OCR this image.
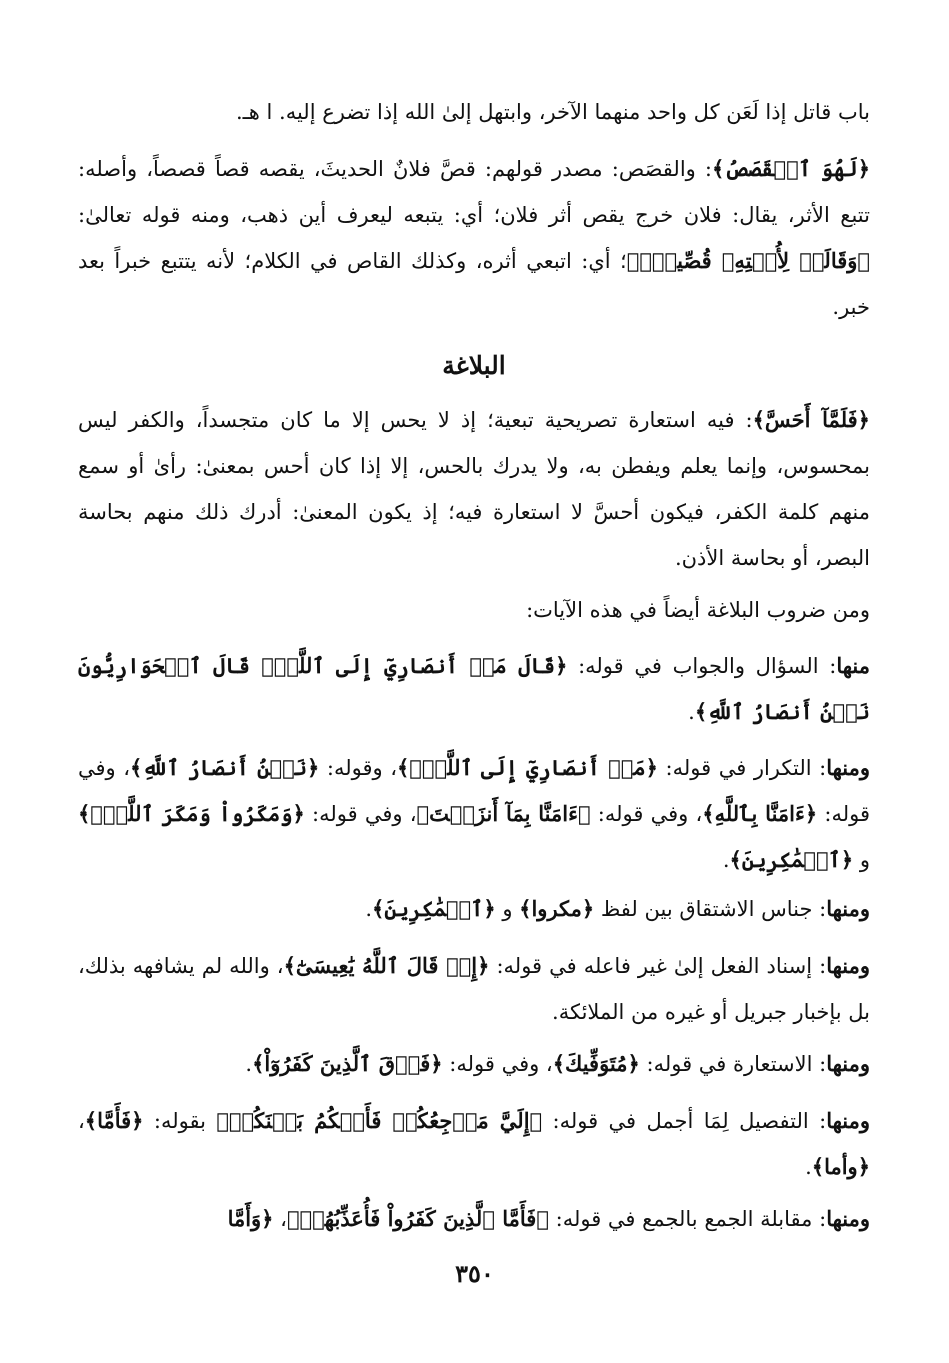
باب قاتل إذا لَعَن كل واحد منهما الآخر، وابتهل إلىٰ الله إذا تضرع إليه. ا هـ.

﴿لَهُوَ ٱلۡقَصَصُ﴾: والقصَص: مصدر قولهم: قصَّ فلانٌ الحديثَ، يقصه قصاً قصصاً، وأصله: تتبع الأثر، يقال: فلان خرج يقص أثر فلان؛ أي: يتبعه ليعرف أين ذهب، ومنه قوله تعالىٰ: ﴿وَقَالَتۡ لِأُخۡتِهِۦ قُصِّيهِۖ﴾؛ أي: اتبعي أثره، وكذلك القاص في الكلام؛ لأنه يتتبع خبراً بعد خبر.

البلاغة

﴿فَلَمَّآ أَحَسَّ﴾: فيه استعارة تصريحية تبعية؛ إذ لا يحس إلا ما كان متجسداً، والكفر ليس بمحسوس، وإنما يعلم ويفطن به، ولا يدرك بالحس، إلا إذا كان أحس بمعنىٰ: رأىٰ أو سمع منهم كلمة الكفر، فيكون أحسَّ لا استعارة فيه؛ إذ يكون المعنىٰ: أدرك ذلك منهم بحاسة البصر، أو بحاسة الأذن.

ومن ضروب البلاغة أيضاً في هذه الآيات:

منها: السؤال والجواب في قوله: ﴿قَالَ مَنۡ أَنصَارِيٓ إِلَى ٱللَّهِۖ قَالَ ٱلۡحَوَارِيُّونَ نَحۡنُ أَنصَارُ ٱللَّهِ﴾.

ومنها: التكرار في قوله: ﴿مَنۡ أَنصَارِيٓ إِلَى ٱللَّهِۖ﴾، وقوله: ﴿نَحۡنُ أَنصَارُ ٱللَّهِ﴾، وفي قوله: ﴿ءَامَنَّا بِٱللَّهِ﴾، وفي قوله: ﴿ءَامَنَّا بِمَآ أَنزَلۡتَ﴾، وفي قوله: ﴿وَمَكَرُواْ وَمَكَرَ ٱللَّهُۖ﴾ و ﴿ٱلۡمَٰكِرِينَ﴾.

ومنها: جناس الاشتقاق بين لفظ ﴿مكروا﴾ و ﴿ٱلۡمَٰكِرِينَ﴾.

ومنها: إسناد الفعل إلىٰ غير فاعله في قوله: ﴿إِذۡ قَالَ ٱللَّهُ يَٰعِيسَىٰٓ﴾، والله لم يشافهه بذلك، بل بإخبار جبريل أو غيره من الملائكة.

ومنها: الاستعارة في قوله: ﴿مُتَوَفِّيكَ﴾، وفي قوله: ﴿فَوۡقَ ٱلَّذِينَ كَفَرُوٓاْ﴾.

ومنها: التفصيل لِمَا أجمل في قوله: ﴿إِلَيَّ مَرۡجِعُكُمۡ فَأَحۡكُمُ بَيۡنَكُمۡ﴾ بقوله: ﴿فَأَمَّا﴾، ﴿وأما﴾.

ومنها: مقابلة الجمع بالجمع في قوله: ﴿فَأَمَّا ٱلَّذِينَ كَفَرُواْ فَأُعَذِّبُهُمۡ﴾، ﴿وَأَمَّا

٣٥٠
